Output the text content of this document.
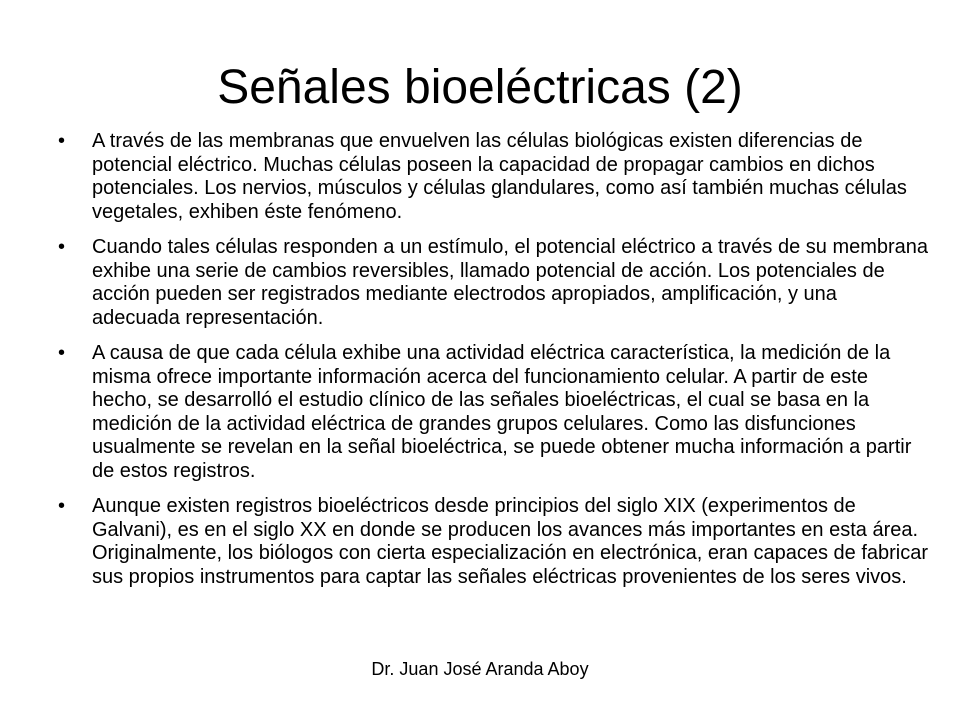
Señales bioeléctricas (2)
•	A través de las membranas que envuelven las células biológicas existen diferencias de potencial eléctrico. Muchas células poseen la capacidad de propagar cambios en dichos potenciales. Los nervios, músculos y células glandulares, como así también muchas células vegetales, exhiben éste fenómeno.
•	Cuando tales células responden a un estímulo, el potencial eléctrico a través de su membrana exhibe una serie de cambios reversibles, llamado potencial de acción. Los potenciales de acción pueden ser registrados mediante electrodos apropiados, amplificación, y una adecuada representación.
•	A causa de que cada célula exhibe una actividad eléctrica característica, la medición de la misma ofrece importante información acerca del funcionamiento celular. A partir de este hecho, se desarrolló el estudio clínico de las señales bioeléctricas, el cual se basa en la medición de la actividad eléctrica de grandes grupos celulares. Como las disfunciones usualmente se revelan en la señal bioeléctrica, se puede obtener mucha información a partir de estos registros.
•	Aunque existen registros bioeléctricos desde principios del siglo XIX (experimentos de Galvani), es en el siglo XX en donde se producen los avances más importantes en esta área. Originalmente, los biólogos con cierta especialización en electrónica, eran capaces de fabricar sus propios instrumentos para captar las señales eléctricas provenientes de los seres vivos.
Dr. Juan José Aranda Aboy
